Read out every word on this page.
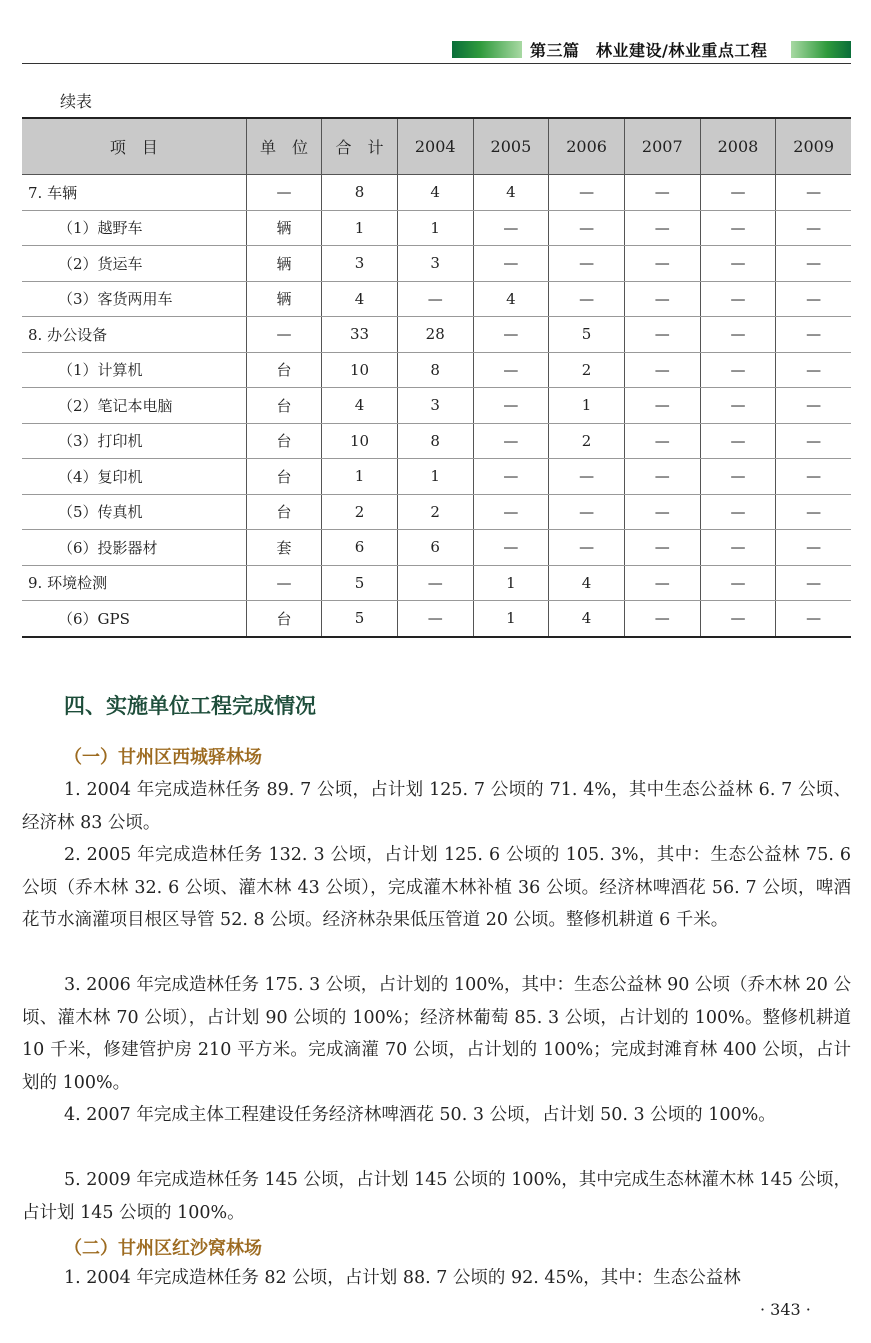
第三篇　林业建设/林业重点工程
续表
项　目	单　位	合　计	2004	2005	2006	2007	2008	2009
7. 车辆	—	8	4	4	—	—	—	—
（1）越野车	辆	1	1	—	—	—	—	—
（2）货运车	辆	3	3	—	—	—	—	—
（3）客货两用车	辆	4	—	4	—	—	—	—
8. 办公设备	—	33	28	—	5	—	—	—
（1）计算机	台	10	8	—	2	—	—	—
（2）笔记本电脑	台	4	3	—	1	—	—	—
（3）打印机	台	10	8	—	2	—	—	—
（4）复印机	台	1	1	—	—	—	—	—
（5）传真机	台	2	2	—	—	—	—	—
（6）投影器材	套	6	6	—	—	—	—	—
9. 环境检测	—	5	—	1	4	—	—	—
（6）GPS	台	5	—	1	4	—	—	—
四、实施单位工程完成情况
（一）甘州区西城驿林场

1. 2004 年完成造林任务 89. 7 公顷，占计划 125. 7 公顷的 71. 4%，其中生态公益林 6. 7 公顷、经济林 83 公顷。

2. 2005 年完成造林任务 132. 3 公顷，占计划 125. 6 公顷的 105. 3%，其中：生态公益林 75. 6 公顷（乔木林 32. 6 公顷、灌木林 43 公顷），完成灌木林补植 36 公顷。经济林啤酒花 56. 7 公顷，啤酒花节水滴灌项目根区导管 52. 8 公顷。经济林杂果低压管道 20 公顷。整修机耕道 6 千米。

3. 2006 年完成造林任务 175. 3 公顷，占计划的 100%，其中：生态公益林 90 公顷（乔木林 20 公顷、灌木林 70 公顷），占计划 90 公顷的 100%；经济林葡萄 85. 3 公顷，占计划的 100%。整修机耕道 10 千米，修建管护房 210 平方米。完成滴灌 70 公顷，占计划的 100%；完成封滩育林 400 公顷，占计划的 100%。

4. 2007 年完成主体工程建设任务经济林啤酒花 50. 3 公顷，占计划 50. 3 公顷的 100%。

5. 2009 年完成造林任务 145 公顷，占计划 145 公顷的 100%，其中完成生态林灌木林 145 公顷，占计划 145 公顷的 100%。

（二）甘州区红沙窝林场

1. 2004 年完成造林任务 82 公顷，占计划 88. 7 公顷的 92. 45%，其中：生态公益林

· 343 ·
